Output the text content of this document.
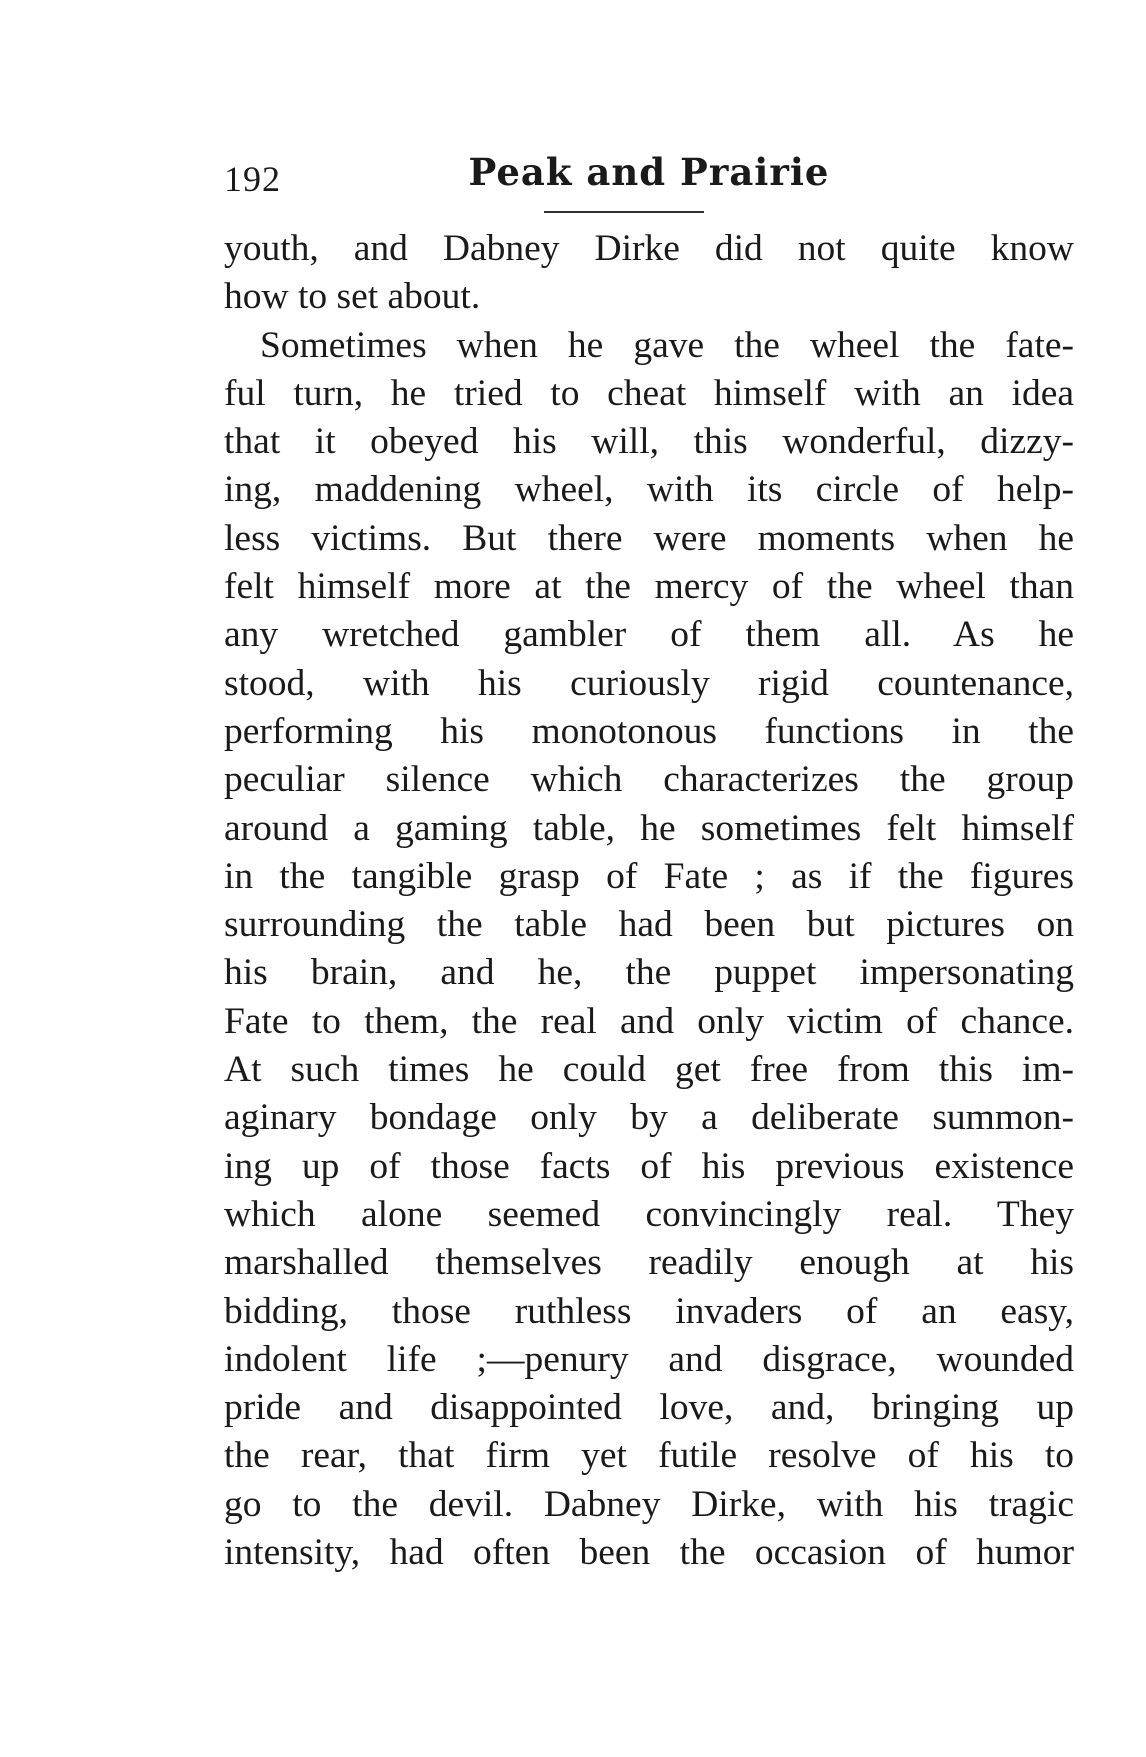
192	Peak and Prairie
youth, and Dabney Dirke did not quite know
how to set about.
Sometimes when he gave the wheel the fate-
ful turn, he tried to cheat himself with an idea
that it obeyed his will, this wonderful, dizzy-
ing, maddening wheel, with its circle of help-
less victims. But there were moments when he
felt himself more at the mercy of the wheel than
any wretched gambler of them all. As he
stood, with his curiously rigid countenance,
performing his monotonous functions in the
peculiar silence which characterizes the group
around a gaming table, he sometimes felt himself
in the tangible grasp of Fate ; as if the figures
surrounding the table had been but pictures on
his brain, and he, the puppet impersonating
Fate to them, the real and only victim of chance.
At such times he could get free from this im-
aginary bondage only by a deliberate summon-
ing up of those facts of his previous existence
which alone seemed convincingly real. They
marshalled themselves readily enough at his
bidding, those ruthless invaders of an easy,
indolent life ;—penury and disgrace, wounded
pride and disappointed love, and, bringing up
the rear, that firm yet futile resolve of his to
go to the devil. Dabney Dirke, with his tragic
intensity, had often been the occasion of humor
